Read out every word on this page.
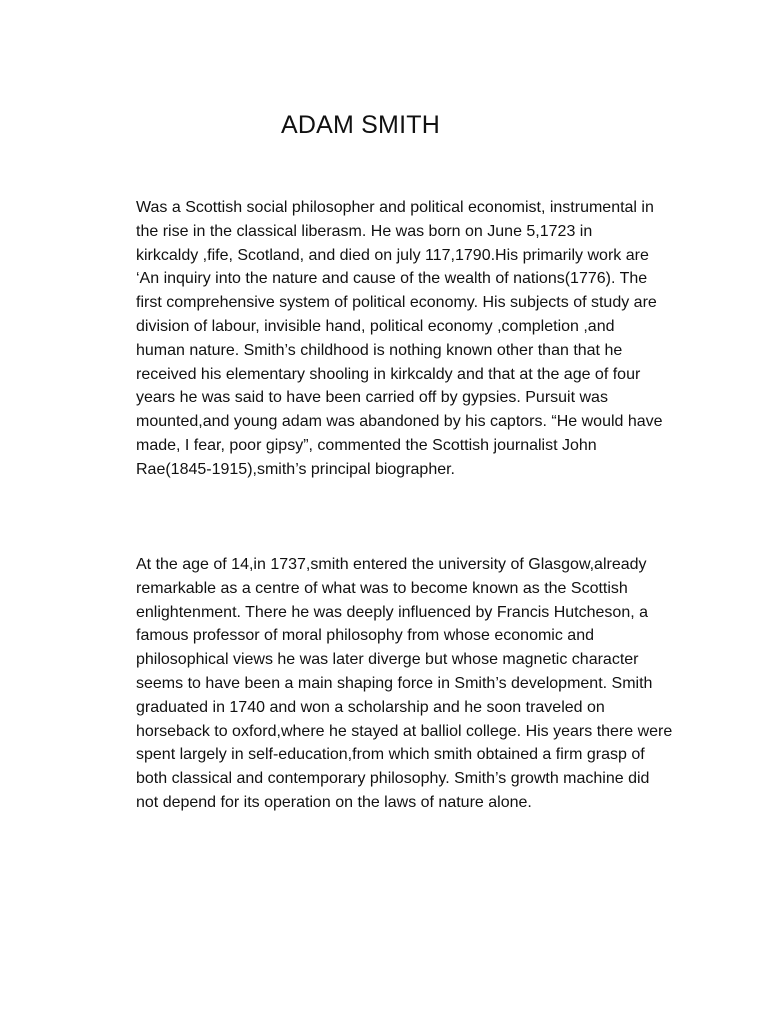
ADAM SMITH

Was a Scottish social philosopher and political economist, instrumental in
the rise in the classical liberasm. He was born on June 5,1723 in
kirkcaldy ,fife, Scotland, and died on july 117,1790.His primarily work are
‘An inquiry into the nature and cause of the wealth of nations(1776). The
first comprehensive system of political economy. His subjects of study are
division of labour, invisible hand, political economy ,completion ,and
human nature. Smith’s childhood is nothing known other than that he
received his elementary shooling in kirkcaldy and that at the age of four
years he was said to have been carried off by gypsies. Pursuit was
mounted,and young adam was abandoned by his captors. “He would have
made, I fear, poor gipsy”, commented the Scottish journalist John
Rae(1845-1915),smith’s principal biographer.

At the age of 14,in 1737,smith entered the university of Glasgow,already
remarkable as a centre of what was to become known as the Scottish
enlightenment. There he was deeply influenced by Francis Hutcheson, a
famous professor of moral philosophy from whose economic and
philosophical views he was later diverge but whose magnetic character
seems to have been a main shaping force in Smith’s development. Smith
graduated in 1740 and won a scholarship and he soon traveled on
horseback to oxford,where he stayed at balliol college. His years there were
spent largely in self-education,from which smith obtained a firm grasp of
both classical and contemporary philosophy. Smith’s growth machine did
not depend for its operation on the laws of nature alone.
